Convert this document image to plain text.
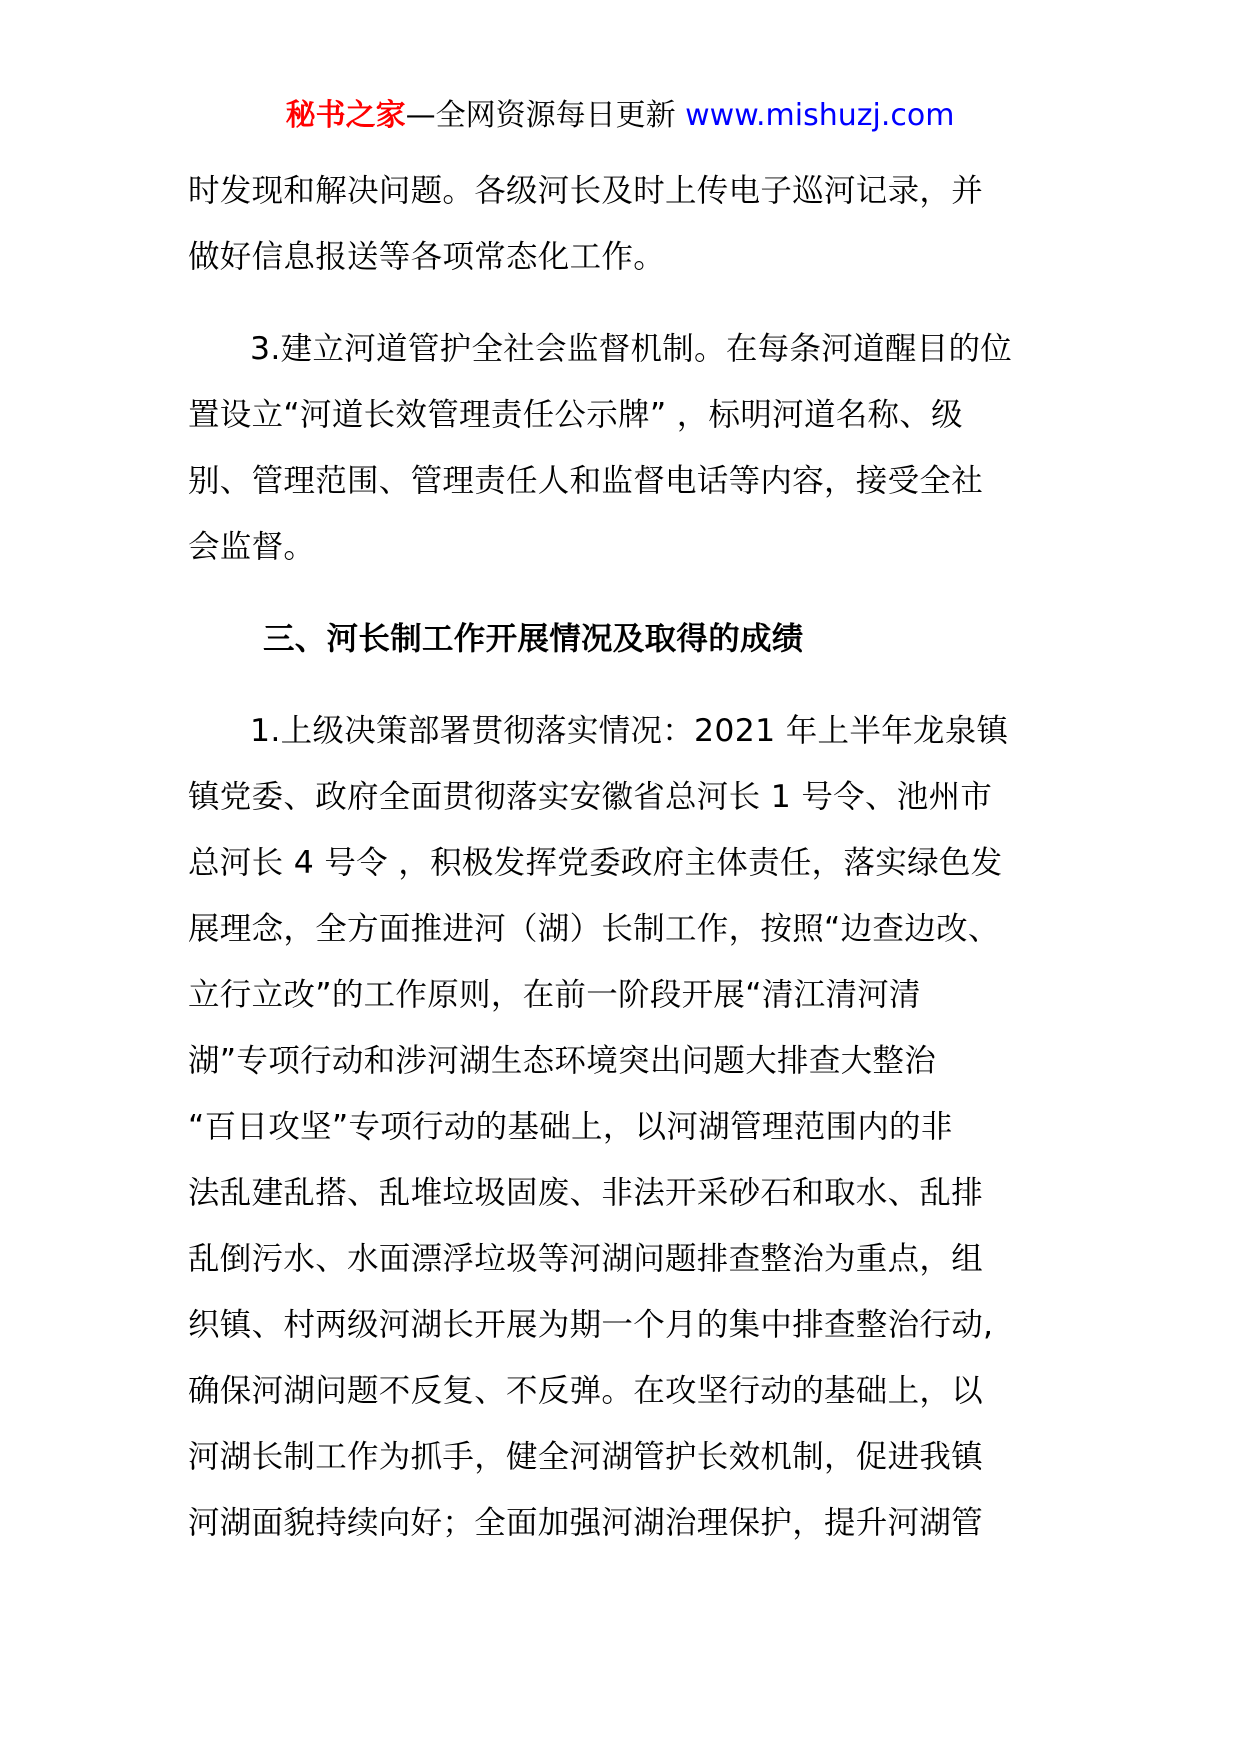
秘书之家—全网资源每日更新 www.mishuzj.com
时发现和解决问题。各级河长及时上传电子巡河记录，并
做好信息报送等各项常态化工作。
3.建立河道管护全社会监督机制。在每条河道醒目的位
置设立“河道长效管理责任公示牌” ，标明河道名称、级
别、管理范围、管理责任人和监督电话等内容，接受全社
会监督。
三、河长制工作开展情况及取得的成绩
1.上级决策部署贯彻落实情况：2021 年上半年龙泉镇
镇党委、政府全面贯彻落实安徽省总河长 1 号令、池州市
总河长 4 号令 ，积极发挥党委政府主体责任，落实绿色发
展理念，全方面推进河（湖）长制工作，按照“边查边改、
立行立改”的工作原则，在前一阶段开展“清江清河清
湖”专项行动和涉河湖生态环境突出问题大排查大整治
“百日攻坚”专项行动的基础上，以河湖管理范围内的非
法乱建乱搭、乱堆垃圾固废、非法开采砂石和取水、乱排
乱倒污水、水面漂浮垃圾等河湖问题排查整治为重点，组
织镇、村两级河湖长开展为期一个月的集中排查整治行动,
确保河湖问题不反复、不反弹。在攻坚行动的基础上，以
河湖长制工作为抓手，健全河湖管护长效机制，促进我镇
河湖面貌持续向好；全面加强河湖治理保护，提升河湖管
